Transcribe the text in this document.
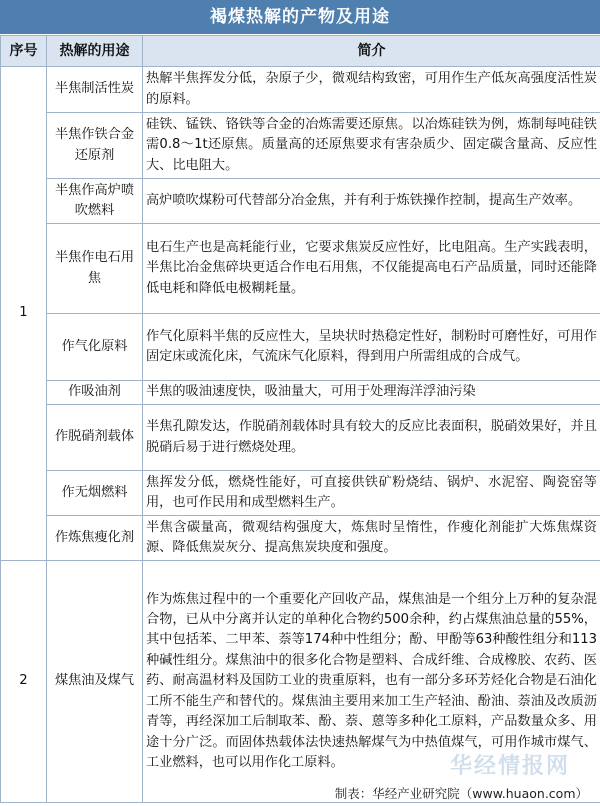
褐煤热解的产物及用途
序号	热解的用途	简介
1	半焦制活性炭	热解半焦挥发分低，杂原子少，微观结构致密，可用作生产低灰高强度活性炭的原料。
	半焦作铁合金还原剂	硅铁、锰铁、铬铁等合金的冶炼需要还原焦。以冶炼硅铁为例，炼制每吨硅铁需0.8～1t还原焦。质量高的还原焦要求有害杂质少、固定碳含量高、反应性大、比电阻大。
	半焦作高炉喷吹燃料	高炉喷吹煤粉可代替部分冶金焦，并有利于炼铁操作控制，提高生产效率。
	半焦作电石用焦	电石生产也是高耗能行业，它要求焦炭反应性好，比电阻高。生产实践表明，半焦比冶金焦碎块更适合作电石用焦，不仅能提高电石产品质量，同时还能降低电耗和降低电极糊耗量。
	作气化原料	作气化原料半焦的反应性大，呈块状时热稳定性好，制粉时可磨性好，可用作固定床或流化床，气流床气化原料，得到用户所需组成的合成气。
	作吸油剂	半焦的吸油速度快，吸油量大，可用于处理海洋浮油污染
	作脱硝剂载体	半焦孔隙发达，作脱硝剂载体时具有较大的反应比表面积，脱硝效果好，并且脱硝后易于进行燃烧处理。
	作无烟燃料	焦挥发分低，燃烧性能好，可直接供铁矿粉烧结、锅炉、水泥窑、陶瓷窑等用，也可作民用和成型燃料生产。
	作炼焦瘦化剂	半焦含碳量高，微观结构强度大，炼焦时呈惰性，作瘦化剂能扩大炼焦煤资源、降低焦炭灰分、提高焦炭块度和强度。
2	煤焦油及煤气	作为炼焦过程中的一个重要化产回收产品，煤焦油是一个组分上万种的复杂混合物，已从中分离并认定的单种化合物约500余种，约占煤焦油总量的55%，其中包括苯、二甲苯、萘等174种中性组分；酚、甲酚等63种酸性组分和113种碱性组分。煤焦油中的很多化合物是塑料、合成纤维、合成橡胶、农药、医药、耐高温材料及国防工业的贵重原料，也有一部分多环芳烃化合物是石油化工所不能生产和替代的。煤焦油主要用来加工生产轻油、酚油、萘油及改质沥青等，再经深加工后制取苯、酚、萘、蒽等多种化工原料，产品数量众多、用途十分广泛。而固体热载体法快速热解煤气为中热值煤气，可用作城市煤气、工业燃料，也可以用作化工原料。	华经情报网
制表：华经产业研究院（www.huaon.com）
